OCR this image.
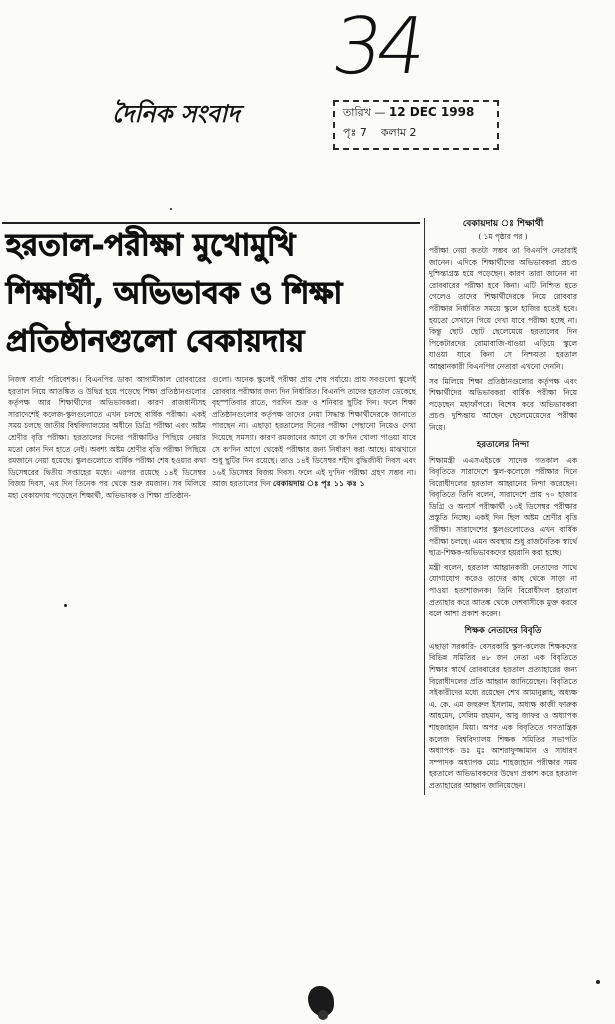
34
দৈনিক সংবাদ	তারিখ — 12 DEC 1998
পৃঃ 7 কলাম 2
হরতাল-পরীক্ষা মুখোমুখি
শিক্ষার্থী, অভিভাবক ও শিক্ষা
প্রতিষ্ঠানগুলো বেকায়দায়
নিজস্ব বার্তা পরিবেশক।। বিএনপির ডাকা আগামীকাল রোববারের হরতাল নিয়ে আতঙ্কিত ও উদ্বিগ্ন হয়ে পড়েছে শিক্ষা প্রতিষ্ঠানগুলোর কর্তৃপক্ষ আর শিক্ষার্থীদের অভিভাবকরা। কারণ রাজধানীসহ সারাদেশেই কলেজ-স্কুলগুলোতে এখন চলছে বার্ষিক পরীক্ষা। একই সময় চলছে জাতীয় বিশ্ববিদ্যালয়ের অধীনে ডিগ্রি পরীক্ষা এবং অষ্টম শ্রেণীর বৃত্তি পরীক্ষা। হরতালের দিনের পরীক্ষাটিও পিছিয়ে নেয়ার মতো কোন দিন হাতে নেই। অবশ্য অষ্টম শ্রেণীর বৃত্তি পরীক্ষা পিছিয়ে রমজানে নেয়া হয়েছে। স্কুলগুলোতে বার্ষিক পরীক্ষা শেষ হওয়ার কথা ডিসেম্বরের দ্বিতীয় সপ্তাহের মধ্যে। এরপর রয়েছে ১৪ই ডিসেম্বর বিজয় দিবস, এর দিন তিনেক পর থেকে শুরু রমজান। সব মিলিয়ে মহা বেকায়দায় পড়েছেন শিক্ষার্থী, অভিভাবক ও শিক্ষা প্রতিষ্ঠান-
গুলো। অনেক স্কুলেই পরীক্ষা প্রায় শেষ পর্যায়ে। প্রায় সবগুলো স্কুলেই রোববার পরীক্ষার জন্য দিন নির্ধারিত। বিএনপি তাদের হরতাল ডেকেছে বৃহস্পতিবার রাতে, পরদিন শুক্র ও শনিবার ছুটির দিন। ফলে শিক্ষা প্রতিষ্ঠানগুলোর কর্তৃপক্ষ তাদের নেয়া সিদ্ধান্ত শিক্ষার্থীদেরকে জানাতে পারছেন না। এছাড়া হরতালের দিনের পরীক্ষা পেছানো নিয়েও দেখা দিয়েছে সমস্যা। কারণ রমজানের আগে যে ক'দিন খোলা পাওয়া যাবে সে ক'দিন আগে থেকেই পরীক্ষার জন্য নির্ধারণ করা আছে। মাঝখানে শুধু ছুটির দিন রয়েছে। তাও ১৪ই ডিসেম্বর শহীদ বুদ্ধিজীবী দিবস এবং ১৬ই ডিসেম্বর বিজয় দিবস। ফলে এই দু'দিন পরীক্ষা গ্রহণ সম্ভব না। আজ হরতালের দিন বেকায়দায় ঃ পৃঃ ১১ কঃ ১
বেকায়দায় ঃ শিক্ষার্থী
( ১ম পৃষ্ঠার পর )
পরীক্ষা নেয়া কতটা সম্ভব তা বিএনপি নেতারাই জানেন। এদিকে শিক্ষার্থীদের অভিভাবকরা প্রচণ্ড দুশ্চিন্তাগ্রস্ত হয়ে পড়েছেন। কারণ তারা জানেন না রোববারের পরীক্ষা হবে কিনা। এটি নিশ্চিত হতে গেলেও তাদের শিক্ষার্থীদেরকে নিয়ে রোববার পরীক্ষার নির্ধারিত সময়ে স্কুলে হাজির হতেই হবে। হয়তো সেখানে গিয়ে দেখা যাবে পরীক্ষা হচ্ছে না। কিন্তু ছোট ছোট ছেলেমেয়ে হরতালের দিন পিকেটারদের বোমাবাজি-ধাওয়া এড়িয়ে স্কুলে যাওয়া যাবে কিনা সে নিশ্চয়তা হরতাল আহ্বানকারী বিএনপির নেতারা এখনো দেননি।
সব মিলিয়ে শিক্ষা প্রতিষ্ঠানগুলোর কর্তৃপক্ষ এবং শিক্ষার্থীদের অভিভাবকরা বার্ষিক পরীক্ষা নিয়ে পড়েছেন মহাফাঁপরে। বিশেষ করে অভিভাবকরা প্রচণ্ড দুশ্চিন্তায় আছেন ছেলেমেয়েদের পরীক্ষা নিয়ে।
হরতালের নিন্দা
শিক্ষামন্ত্রী এএসএইচকে সাদেক গতকাল এক বিবৃতিতে সারাদেশে স্কুল-কলেজে পরীক্ষার দিনে বিরোধীদলের হরতাল আহ্বানের নিন্দা করেছেন। বিবৃতিতে তিনি বলেন, সারাদেশে প্রায় ৭০ হাজার ডিগ্রি ও অনার্স পরীক্ষার্থী ১৩ই ডিসেম্বর পরীক্ষার প্রস্তুতি নিচ্ছে। একই দিন ছিল অষ্টম শ্রেণীর বৃত্তি পরীক্ষা। সারাদেশের স্কুলগুলোতেও এখন বার্ষিক পরীক্ষা চলছে। এমন অবস্থায় শুধু রাজনৈতিক স্বার্থে ছাত্র-শিক্ষক-অভিভাবকদের হয়রানি করা হচ্ছে।
মন্ত্রী বলেন, হরতাল আহ্বানকারী নেতাদের সাথে যোগাযোগ করেও তাদের কাছ থেকে সাড়া না পাওয়া হতাশাজনক। তিনি বিরোধীদল হরতাল প্রত্যাহার করে আতঙ্ক থেকে দেশবাসীকে মুক্ত করবে বলে আশা প্রকাশ করেন।
শিক্ষক নেতাদের বিবৃতি
এছাড়া সরকারি- বেসরকারি স্কুল-কলেজ শিক্ষকদের বিভিন্ন সমিতির ৪৮ জন নেতা এক বিবৃতিতে শিক্ষার স্বার্থে রোববারের হরতাল প্রত্যাহারের জন্য বিরোধীদলের প্রতি আহ্বান জানিয়েছেন। বিবৃতিতে সইকারীদের মধ্যে রয়েছেন শেখ আমানুল্লাহ, অধ্যক্ষ এ. কে. এম জহুরুল ইসলাম, অধ্যক্ষ কাজী ফারুক আহমেদ, সেলিম রহমান, আবু জাফর ও অধ্যাপক শাহজাহান মিয়া। অপর এক বিবৃতিতে গণতান্ত্রিক কলেজ বিশ্ববিদ্যালয় শিক্ষক সমিতির সভাপতি অধ্যাপক ডঃ মুঃ আশরাফুজ্জামান ও সাধারণ সম্পাদক অধ্যাপক মোঃ শাহজাহান পরীক্ষার সময় হরতালে অভিভাবকদের উদ্বেগ প্রকাশ করে হরতাল প্রত্যাহারের আহ্বান জানিয়েছেন।
